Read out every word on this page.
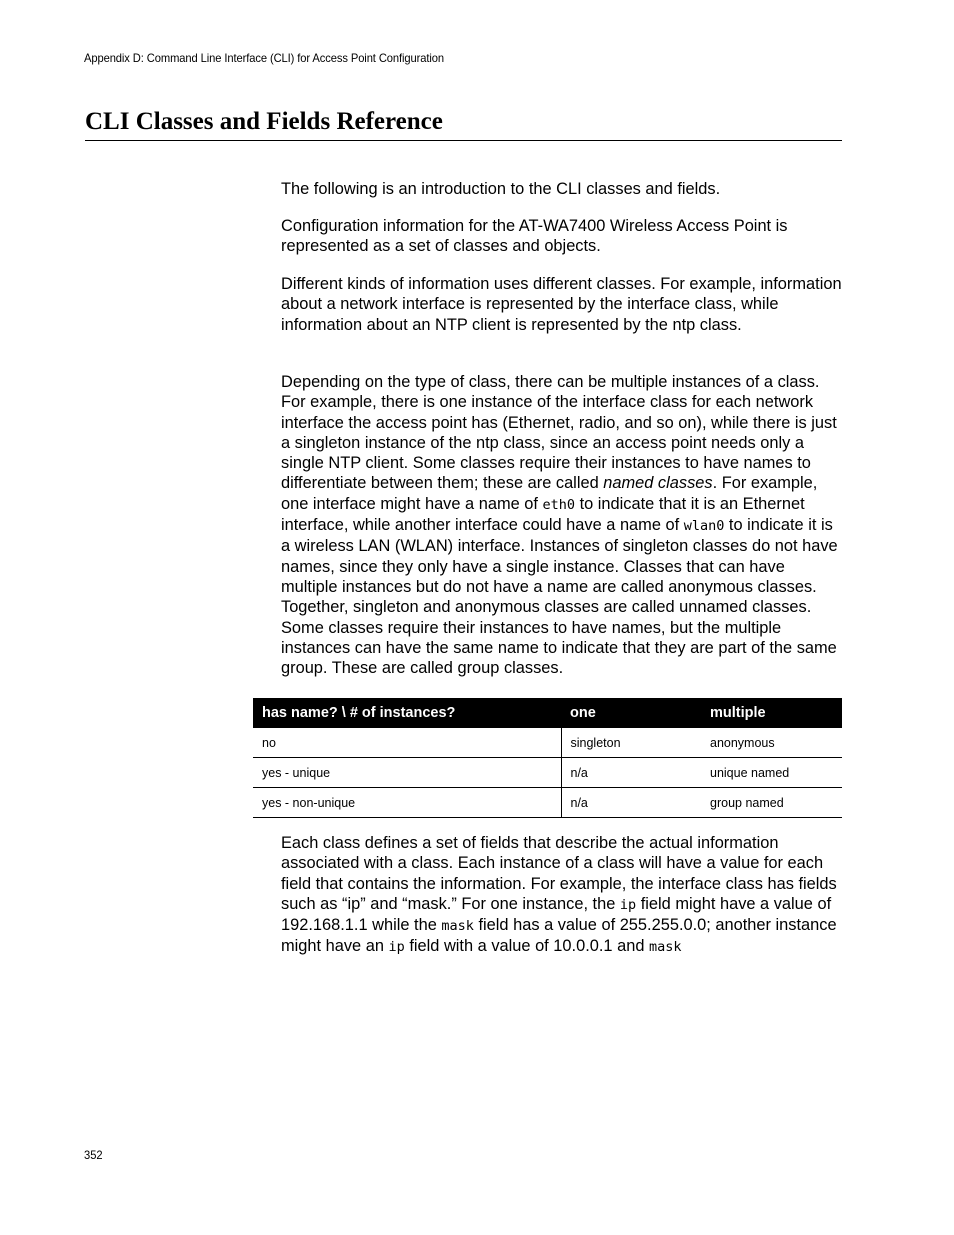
Appendix D: Command Line Interface (CLI) for Access Point Configuration
CLI Classes and Fields Reference

The following is an introduction to the CLI classes and fields.

Configuration information for the AT-WA7400 Wireless Access Point is represented as a set of classes and objects.

Different kinds of information uses different classes. For example, information about a network interface is represented by the interface class, while information about an NTP client is represented by the ntp class.

Depending on the type of class, there can be multiple instances of a class. For example, there is one instance of the interface class for each network interface the access point has (Ethernet, radio, and so on), while there is just a singleton instance of the ntp class, since an access point needs only a single NTP client. Some classes require their instances to have names to differentiate between them; these are called named classes. For example, one interface might have a name of eth0 to indicate that it is an Ethernet interface, while another interface could have a name of wlan0 to indicate it is a wireless LAN (WLAN) interface. Instances of singleton classes do not have names, since they only have a single instance. Classes that can have multiple instances but do not have a name are called anonymous classes. Together, singleton and anonymous classes are called unnamed classes. Some classes require their instances to have names, but the multiple instances can have the same name to indicate that they are part of the same group. These are called group classes.

has name? \ # of instances?	one	multiple
no	singleton	anonymous
yes - unique	n/a	unique named
yes - non-unique	n/a	group named

Each class defines a set of fields that describe the actual information associated with a class. Each instance of a class will have a value for each field that contains the information. For example, the interface class has fields such as “ip” and “mask.” For one instance, the ip field might have a value of 192.168.1.1 while the mask field has a value of 255.255.0.0; another instance might have an ip field with a value of 10.0.0.1 and mask

352
